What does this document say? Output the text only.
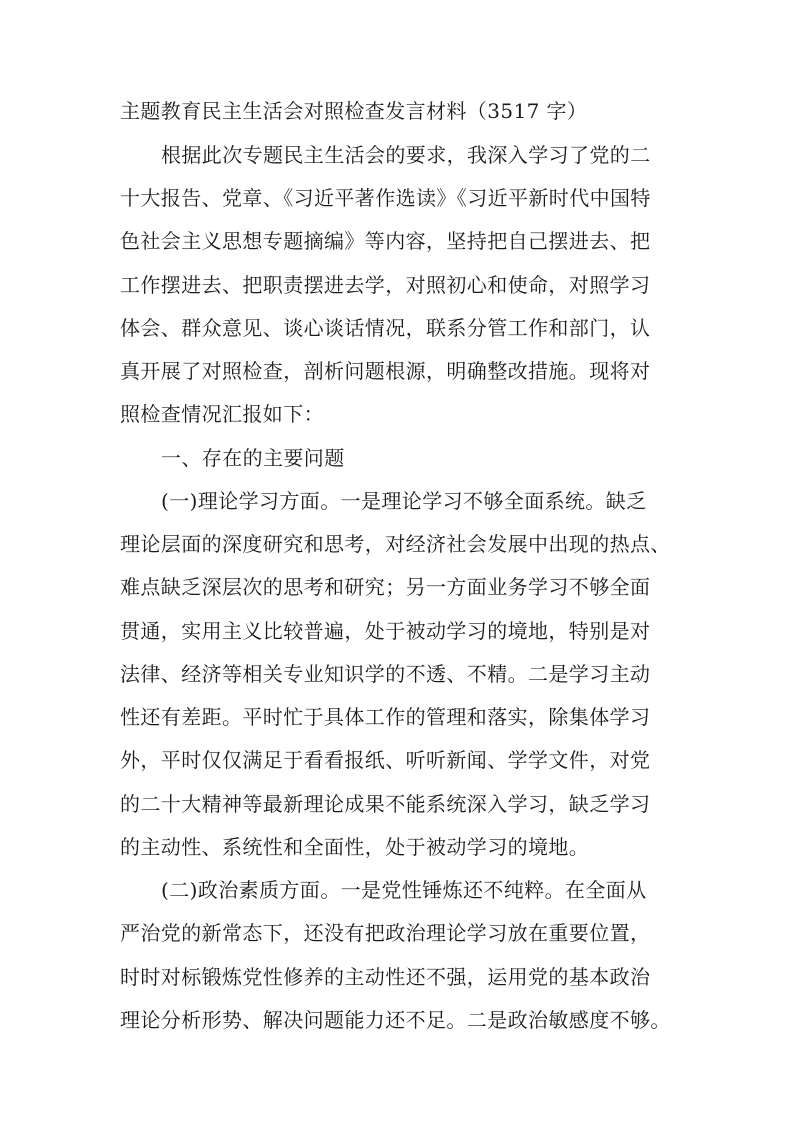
主题教育民主生活会对照检查发言材料（3517 字）
根据此次专题民主生活会的要求，我深入学习了党的二
十大报告、党章、《习近平著作选读》《习近平新时代中国特
色社会主义思想专题摘编》等内容，坚持把自己摆进去、把
工作摆进去、把职责摆进去学，对照初心和使命，对照学习
体会、群众意见、谈心谈话情况，联系分管工作和部门，认
真开展了对照检查，剖析问题根源，明确整改措施。现将对
照检查情况汇报如下：
一、存在的主要问题
(一)理论学习方面。一是理论学习不够全面系统。缺乏
理论层面的深度研究和思考，对经济社会发展中出现的热点、
难点缺乏深层次的思考和研究；另一方面业务学习不够全面
贯通，实用主义比较普遍，处于被动学习的境地，特别是对
法律、经济等相关专业知识学的不透、不精。二是学习主动
性还有差距。平时忙于具体工作的管理和落实，除集体学习
外，平时仅仅满足于看看报纸、听听新闻、学学文件，对党
的二十大精神等最新理论成果不能系统深入学习，缺乏学习
的主动性、系统性和全面性，处于被动学习的境地。
(二)政治素质方面。一是党性锤炼还不纯粹。在全面从
严治党的新常态下，还没有把政治理论学习放在重要位置，
时时对标锻炼党性修养的主动性还不强，运用党的基本政治
理论分析形势、解决问题能力还不足。二是政治敏感度不够。
